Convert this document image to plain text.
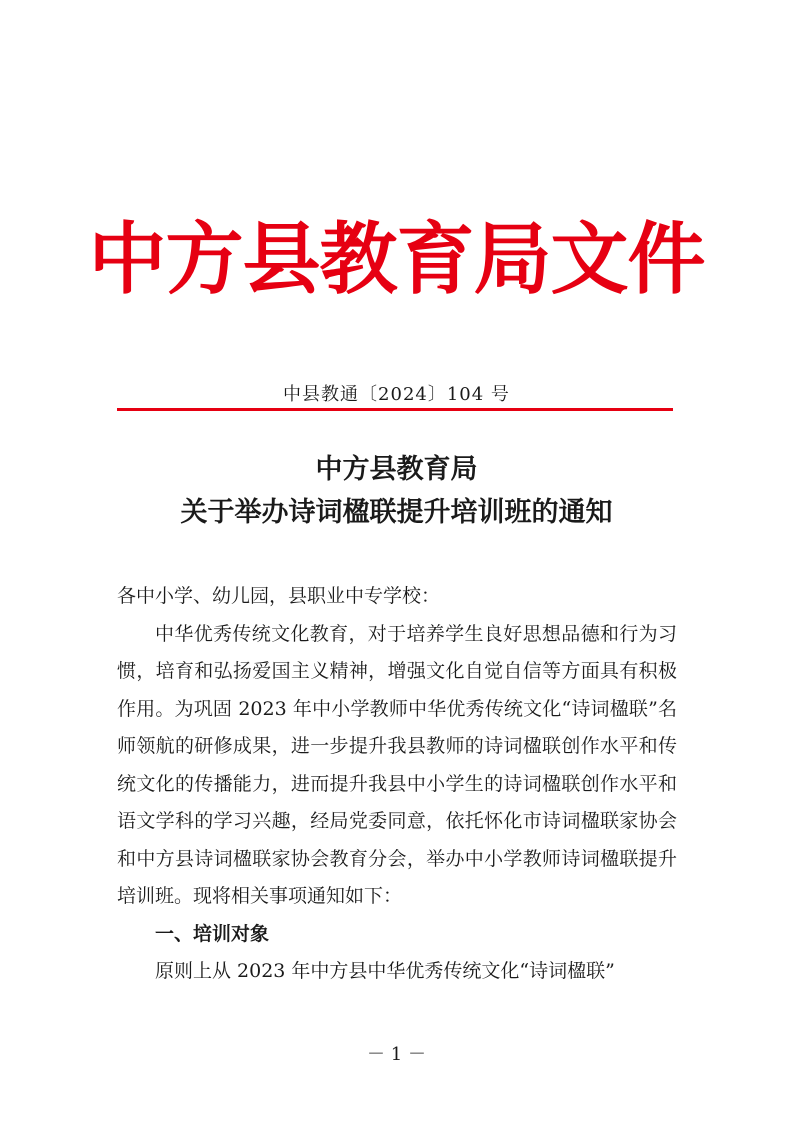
中方县教育局文件
中县教通〔2024〕104 号
中方县教育局
关于举办诗词楹联提升培训班的通知

各中小学、幼儿园，县职业中专学校：

中华优秀传统文化教育，对于培养学生良好思想品德和行为习惯，培育和弘扬爱国主义精神，增强文化自觉自信等方面具有积极作用。为巩固 2023 年中小学教师中华优秀传统文化“诗词楹联”名师领航的研修成果，进一步提升我县教师的诗词楹联创作水平和传统文化的传播能力，进而提升我县中小学生的诗词楹联创作水平和语文学科的学习兴趣，经局党委同意，依托怀化市诗词楹联家协会和中方县诗词楹联家协会教育分会，举办中小学教师诗词楹联提升培训班。现将相关事项通知如下：

一、培训对象

原则上从 2023 年中方县中华优秀传统文化“诗词楹联”

－ 1 －
